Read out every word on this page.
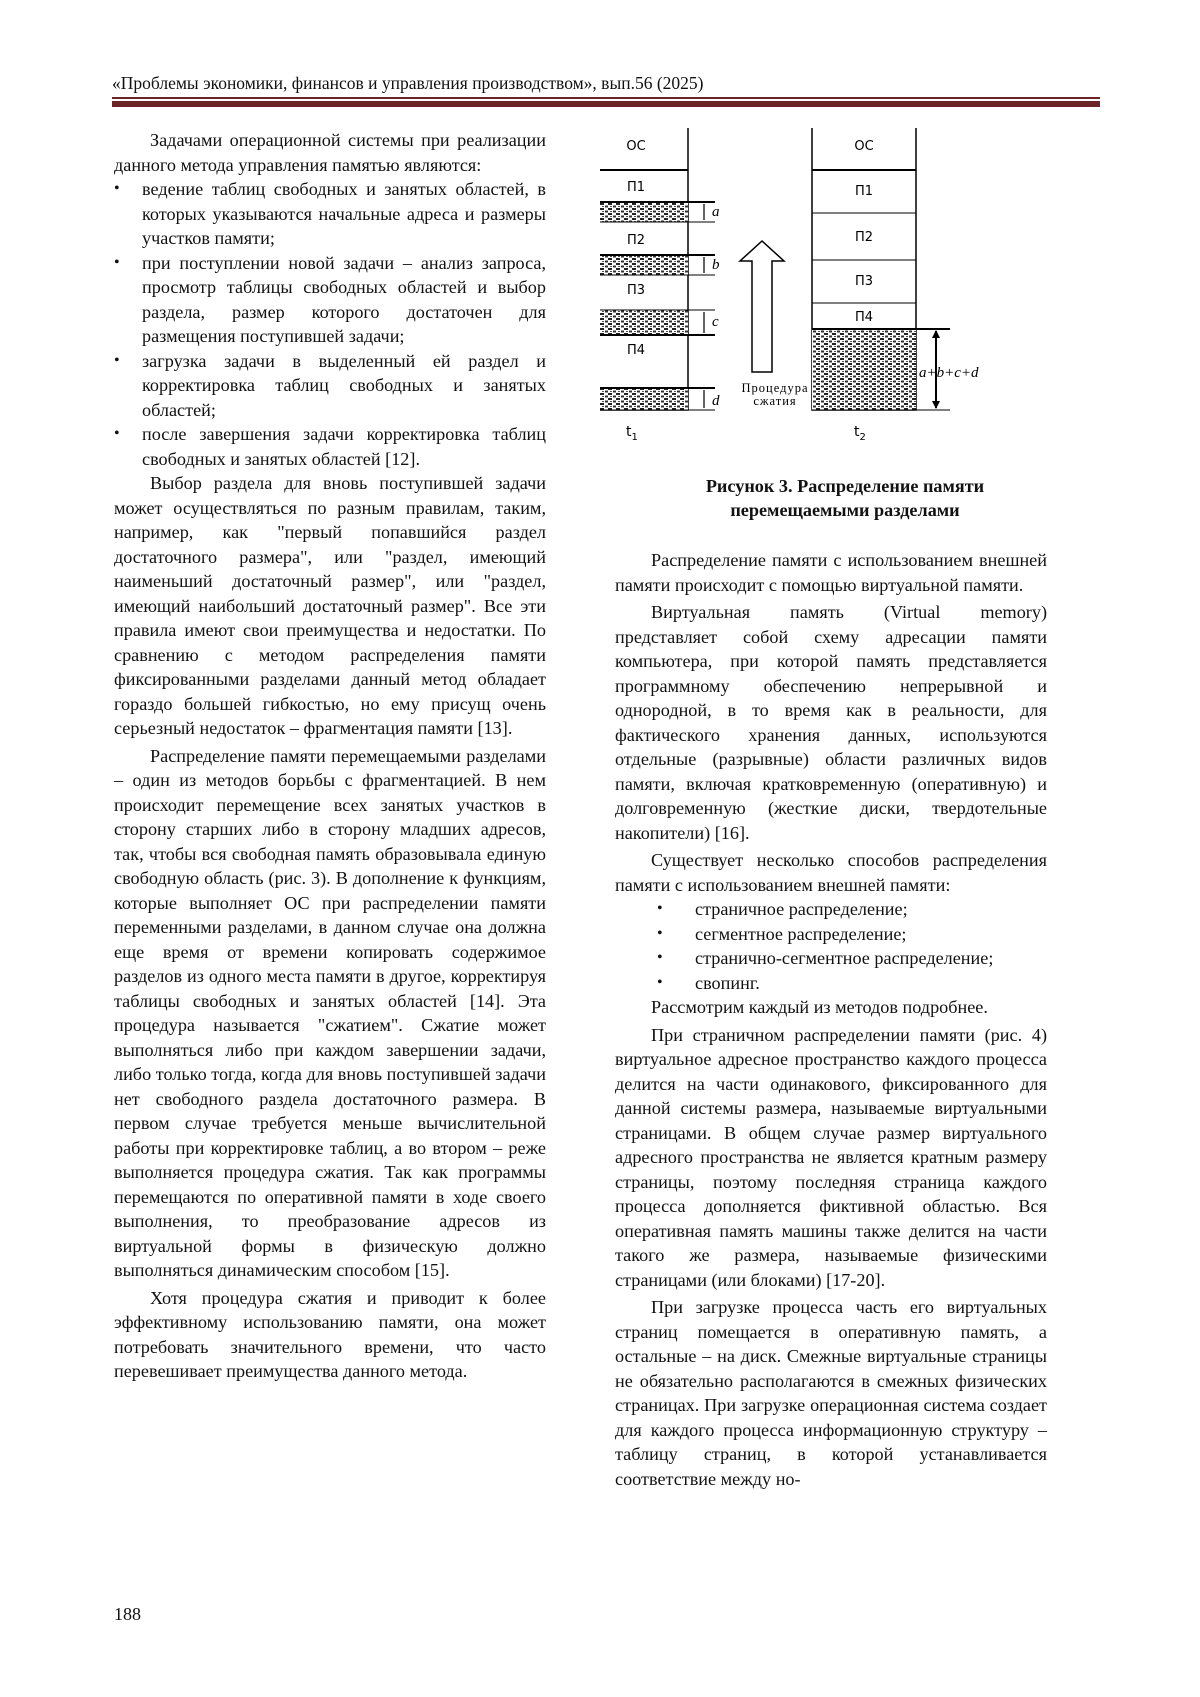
«Проблемы экономики, финансов и управления производством», вып.56 (2025)

Задачами операционной системы при реализации данного метода управления памятью являются:

• ведение таблиц свободных и занятых областей, в которых указываются начальные адреса и размеры участков памяти;
• при поступлении новой задачи – анализ запроса, просмотр таблицы свободных областей и выбор раздела, размер которого достаточен для размещения поступившей задачи;
• загрузка задачи в выделенный ей раздел и корректировка таблиц свободных и занятых областей;
• после завершения задачи корректировка таблиц свободных и занятых областей [12].

Выбор раздела для вновь поступившей задачи может осуществляться по разным правилам, таким, например, как "первый попавшийся раздел достаточного размера", или "раздел, имеющий наименьший достаточный размер", или "раздел, имеющий наибольший достаточный размер". Все эти правила имеют свои преимущества и недостатки. По сравнению с методом распределения памяти фиксированными разделами данный метод обладает гораздо большей гибкостью, но ему присущ очень серьезный недостаток – фрагментация памяти [13].

Распределение памяти перемещаемыми разделами – один из методов борьбы с фрагментацией. В нем происходит перемещение всех занятых участков в сторону старших либо в сторону младших адресов, так, чтобы вся свободная память образовывала единую свободную область (рис. 3). В дополнение к функциям, которые выполняет ОС при распределении памяти переменными разделами, в данном случае она должна еще время от времени копировать содержимое разделов из одного места памяти в другое, корректируя таблицы свободных и занятых областей [14]. Эта процедура называется "сжатием". Сжатие может выполняться либо при каждом завершении задачи, либо только тогда, когда для вновь поступившей задачи нет свободного раздела достаточного размера. В первом случае требуется меньше вычислительной работы при корректировке таблиц, а во втором – реже выполняется процедура сжатия. Так как программы перемещаются по оперативной памяти в ходе своего выполнения, то преобразование адресов из виртуальной формы в физическую должно выполняться динамическим способом [15].

Хотя процедура сжатия и приводит к более эффективному использованию памяти, она может потребовать значительного времени, что часто перевешивает преимущества данного метода.

ОС
П1
П2
П3
П4
a
b
c
d
$t_1$
Процедура
сжатия
ОС
П1
П2
П3
П4
a+b+c+d
$t_2$
Рисунок 3. Распределение памяти
перемещаемыми разделами

Распределение памяти с использованием внешней памяти происходит с помощью виртуальной памяти.

Виртуальная память (Virtual memory) представляет собой схему адресации памяти компьютера, при которой память представляется программному обеспечению непрерывной и однородной, в то время как в реальности, для фактического хранения данных, используются отдельные (разрывные) области различных видов памяти, включая кратковременную (оперативную) и долговременную (жесткие диски, твердотельные накопители) [16].

Существует несколько способов распределения памяти с использованием внешней памяти:

• страничное распределение;
• сегментное распределение;
• странично-сегментное распределение;
• свопинг.

Рассмотрим каждый из методов подробнее.

При страничном распределении памяти (рис. 4) виртуальное адресное пространство каждого процесса делится на части одинакового, фиксированного для данной системы размера, называемые виртуальными страницами. В общем случае размер виртуального адресного пространства не является кратным размеру страницы, поэтому последняя страница каждого процесса дополняется фиктивной областью. Вся оперативная память машины также делится на части такого же размера, называемые физическими страницами (или блоками) [17-20].

При загрузке процесса часть его виртуальных страниц помещается в оперативную память, а остальные – на диск. Смежные виртуальные страницы не обязательно располагаются в смежных физических страницах. При загрузке операционная система создает для каждого процесса информационную структуру – таблицу страниц, в которой устанавливается соответствие между но-

188
